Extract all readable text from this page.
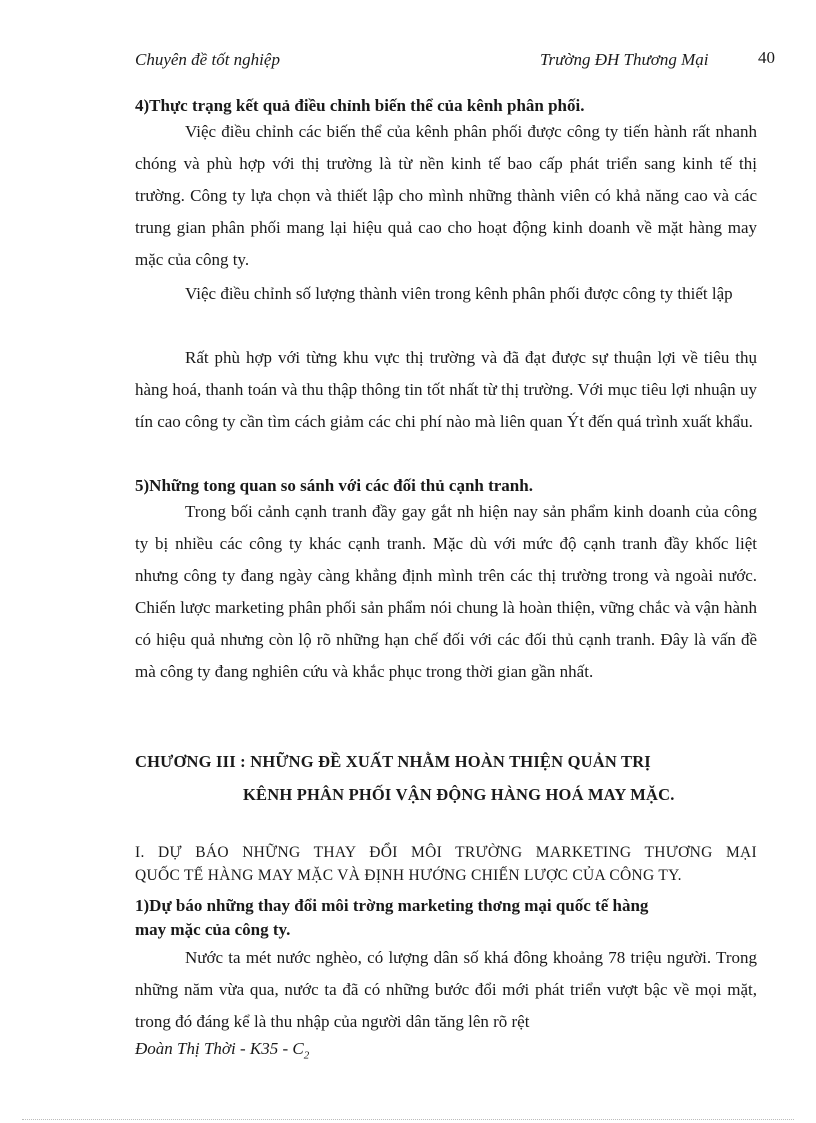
Chuyên đề tốt nghiệp	Trường ĐH Thương Mại	40
4)Thực trạng kết quả điều chỉnh biến thể của kênh phân phối.

Việc điều chỉnh các biến thể của kênh phân phối được công ty tiến hành rất nhanh chóng và phù hợp với thị trường là từ nền kinh tế bao cấp phát triển sang kinh tế thị trường. Công ty lựa chọn và thiết lập cho mình những thành viên có khả năng cao và các trung gian phân phối mang lại hiệu quả cao cho hoạt động kinh doanh về mặt hàng may mặc của công ty.

Việc điều chỉnh số lượng thành viên trong kênh phân phối được công ty thiết lập

Rất phù hợp với từng khu vực thị trường và đã đạt được sự thuận lợi về tiêu thụ hàng hoá, thanh toán và thu thập thông tin tốt nhất từ thị trường. Với mục tiêu lợi nhuận uy tín cao công ty cần tìm cách giảm các chi phí nào mà liên quan Ýt đến quá trình xuất khẩu.

5)Những tong quan so sánh với các đối thủ cạnh tranh.

Trong bối cảnh cạnh tranh đầy gay gắt nh hiện nay sản phẩm kinh doanh của công ty bị nhiều các công ty khác cạnh tranh. Mặc dù với mức độ cạnh tranh đầy khốc liệt nhưng công ty đang ngày càng khẳng định mình trên các thị trường trong và ngoài nước. Chiến lược marketing phân phối sản phẩm nói chung là hoàn thiện, vững chắc và vận hành có hiệu quả nhưng còn lộ rõ những hạn chế đối với các đối thủ cạnh tranh. Đây là vấn đề mà công ty đang nghiên cứu và khắc phục trong thời gian gần nhất.

CHƯƠNG III : NHỮNG ĐỀ XUẤT NHẰM HOÀN THIỆN QUẢN TRỊ
KÊNH PHÂN PHỐI VẬN ĐỘNG HÀNG HOÁ MAY MẶC.

I. DỰ BÁO NHỮNG THAY ĐỔI MÔI TRƯỜNG MARKETING THƯƠNG MẠI

QUỐC TẾ HÀNG MAY MẶC VÀ ĐỊNH HƯỚNG CHIẾN LƯỢC CỦA CÔNG TY.
1)Dự báo những thay đổi môi trờng marketing thơng mại quốc tế hàng
may mặc của công ty.

Nước ta mét nước nghèo, có lượng dân số khá đông khoảng 78 triệu người. Trong những năm vừa qua, nước ta đã có những bước đổi mới phát triển vượt bậc về mọi mặt, trong đó đáng kể là thu nhập của người dân tăng lên rõ rệt

Đoàn Thị Thời - $K35 - C_2$
